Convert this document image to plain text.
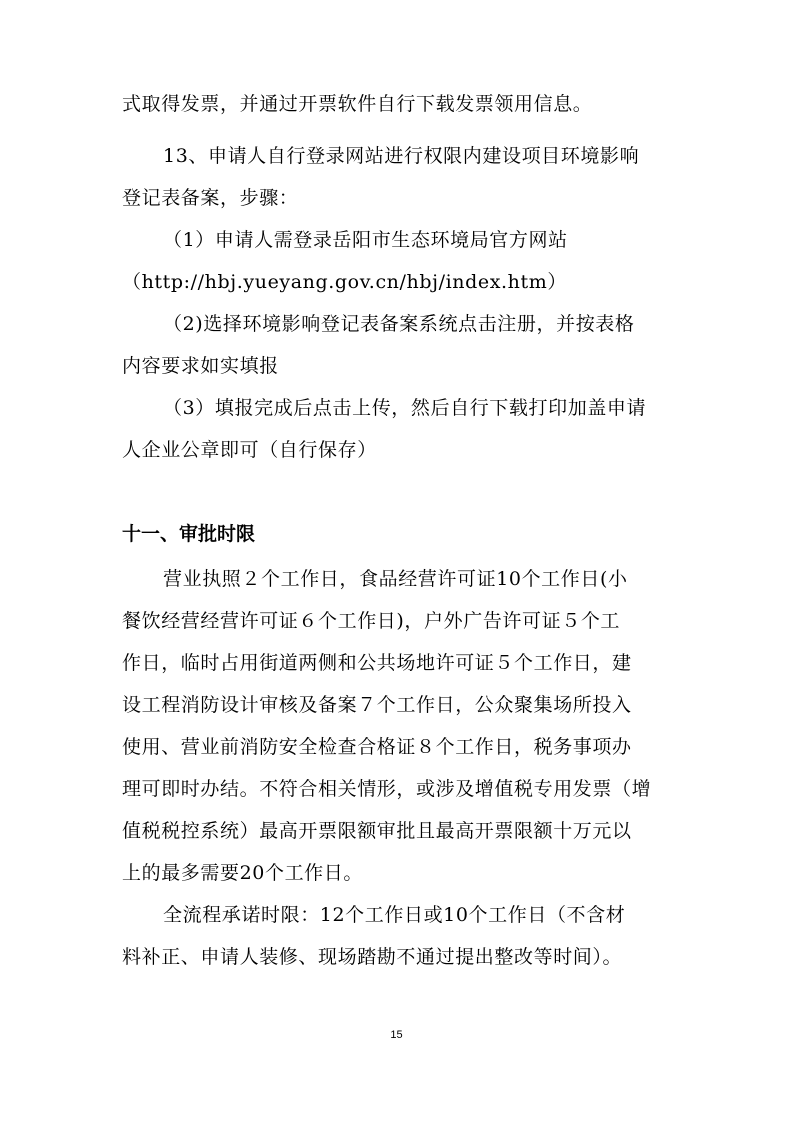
式取得发票，并通过开票软件自行下载发票领用信息。
13、申请人自行登录网站进行权限内建设项目环境影响
登记表备案，步骤：
（1）申请人需登录岳阳市生态环境局官方网站
（http://hbj.yueyang.gov.cn/hbj/index.htm）
（2)选择环境影响登记表备案系统点击注册，并按表格
内容要求如实填报
（3）填报完成后点击上传，然后自行下载打印加盖申请
人企业公章即可（自行保存）
十一、审批时限
营业执照２个工作日，食品经营许可证10个工作日(小
餐饮经营经营许可证６个工作日)，户外广告许可证５个工
作日，临时占用街道两侧和公共场地许可证５个工作日，建
设工程消防设计审核及备案７个工作日，公众聚集场所投入
使用、营业前消防安全检查合格证８个工作日，税务事项办
理可即时办结。不符合相关情形，或涉及增值税专用发票（增
值税税控系统）最高开票限额审批且最高开票限额十万元以
上的最多需要20个工作日。
全流程承诺时限：12个工作日或10个工作日（不含材
料补正、申请人装修、现场踏勘不通过提出整改等时间）。
15
